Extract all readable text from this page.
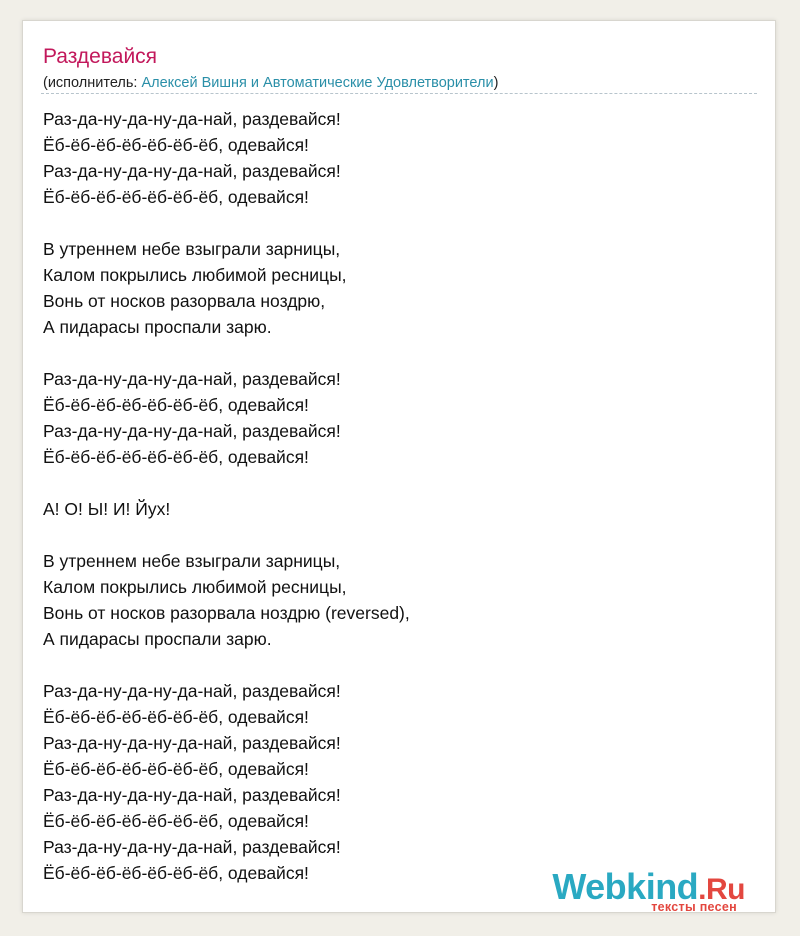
Раздевайся
(исполнитель: Алексей Вишня и Автоматические Удовлетворители)
Раз-да-ну-да-ну-да-най, раздевайся!
Ёб-ёб-ёб-ёб-ёб-ёб-ёб, одевайся!
Раз-да-ну-да-ну-да-най, раздевайся!
Ёб-ёб-ёб-ёб-ёб-ёб-ёб, одевайся!
В утреннем небе взыграли зарницы,
Калом покрылись любимой ресницы,
Вонь от носков разорвала ноздрю,
А пидарасы проспали зарю.
Раз-да-ну-да-ну-да-най, раздевайся!
Ёб-ёб-ёб-ёб-ёб-ёб-ёб, одевайся!
Раз-да-ну-да-ну-да-най, раздевайся!
Ёб-ёб-ёб-ёб-ёб-ёб-ёб, одевайся!
А! О! Ы! И! Йух!
В утреннем небе взыграли зарницы,
Калом покрылись любимой ресницы,
Вонь от носков разорвала ноздрю (reversed),
А пидарасы проспали зарю.
Раз-да-ну-да-ну-да-най, раздевайся!
Ёб-ёб-ёб-ёб-ёб-ёб-ёб, одевайся!
Раз-да-ну-да-ну-да-най, раздевайся!
Ёб-ёб-ёб-ёб-ёб-ёб-ёб, одевайся!
Раз-да-ну-да-ну-да-най, раздевайся!
Ёб-ёб-ёб-ёб-ёб-ёб-ёб, одевайся!
Раз-да-ну-да-ну-да-най, раздевайся!
Ёб-ёб-ёб-ёб-ёб-ёб-ёб, одевайся!	Webkind.Ru
тексты песен
